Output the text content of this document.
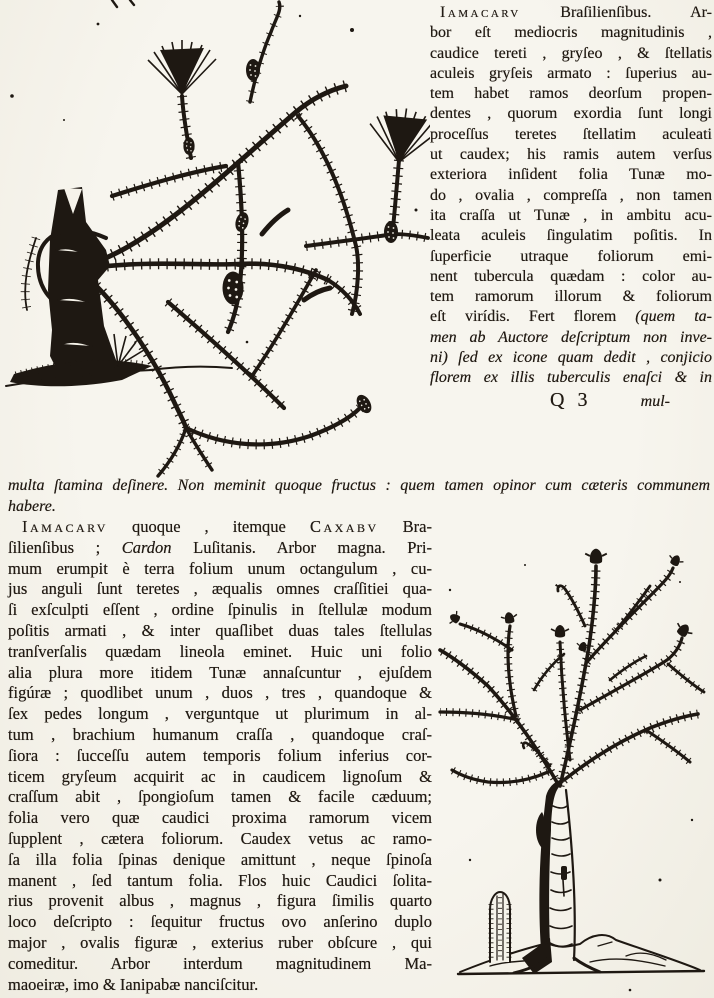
Iamacarv Braſilienſibus. Ar-
bor eſt mediocris magnitudinis ,
caudice tereti , gryſeo , & ſtellatis
aculeis gryſeis armato : ſuperius au-
tem habet ramos deorſum propen-
dentes , quorum exordia ſunt longi
proceſſus teretes ſtellatim aculeati
ut caudex; his ramis autem verſus
exteriora inſident folia Tunæ mo-
do , ovalia , compreſſa , non tamen
ita craſſa ut Tunæ , in ambitu acu-
leata aculeis ſingulatim poſitis. In
ſuperficie utraque foliorum emi-
nent tubercula quædam : color au-
tem ramorum illorum & foliorum
eſt virídis. Fert florem (quem ta-
men ab Auctore deſcriptum non inve-
ni) ſed ex icone quam dedit , conjicio
florem ex illis tuberculis enaſci & in
Q 3	mul-
multa ſtamina deſinere. Non meminit quoque fructus : quem tamen opinor cum cæteris communem
habere.
Iamacarv quoque , itemque Caxabv Bra-
ſilienſibus ; Cardon Luſitanis. Arbor magna. Pri-
mum erumpit è terra folium unum octangulum , cu-
jus anguli ſunt teretes , æqualis omnes craſſitiei qua-
ſi exſculpti eſſent , ordine ſpinulis in ſtellulæ modum
poſitis armati , & inter quaſlibet duas tales ſtellulas
tranſverſalis quædam lineola eminet. Huic uni folio
alia plura more itidem Tunæ annaſcuntur , ejuſdem
figúræ ; quodlibet unum , duos , tres , quandoque &
ſex pedes longum , verguntque ut plurimum in al-
tum , brachium humanum craſſa , quandoque craſ-
ſiora : ſucceſſu autem temporis folium inferius cor-
ticem gryſeum acquirit ac in caudicem lignoſum &
craſſum abit , ſpongioſum tamen & facile cæduum;
folia vero quæ caudici proxima ramorum vicem
ſupplent , cætera foliorum. Caudex vetus ac ramo-
ſa illa folia ſpinas denique amittunt , neque ſpinoſa
manent , ſed tantum folia. Flos huic Caudici ſolita-
rius provenit albus , magnus , figura ſimilis quarto
loco deſcripto : ſequitur fructus ovo anſerino duplo
major , ovalis figuræ , exterius ruber obſcure , qui
comeditur. Arbor interdum magnitudinem Ma-
maoeiræ, imo & Ianipabæ nanciſcitur.
